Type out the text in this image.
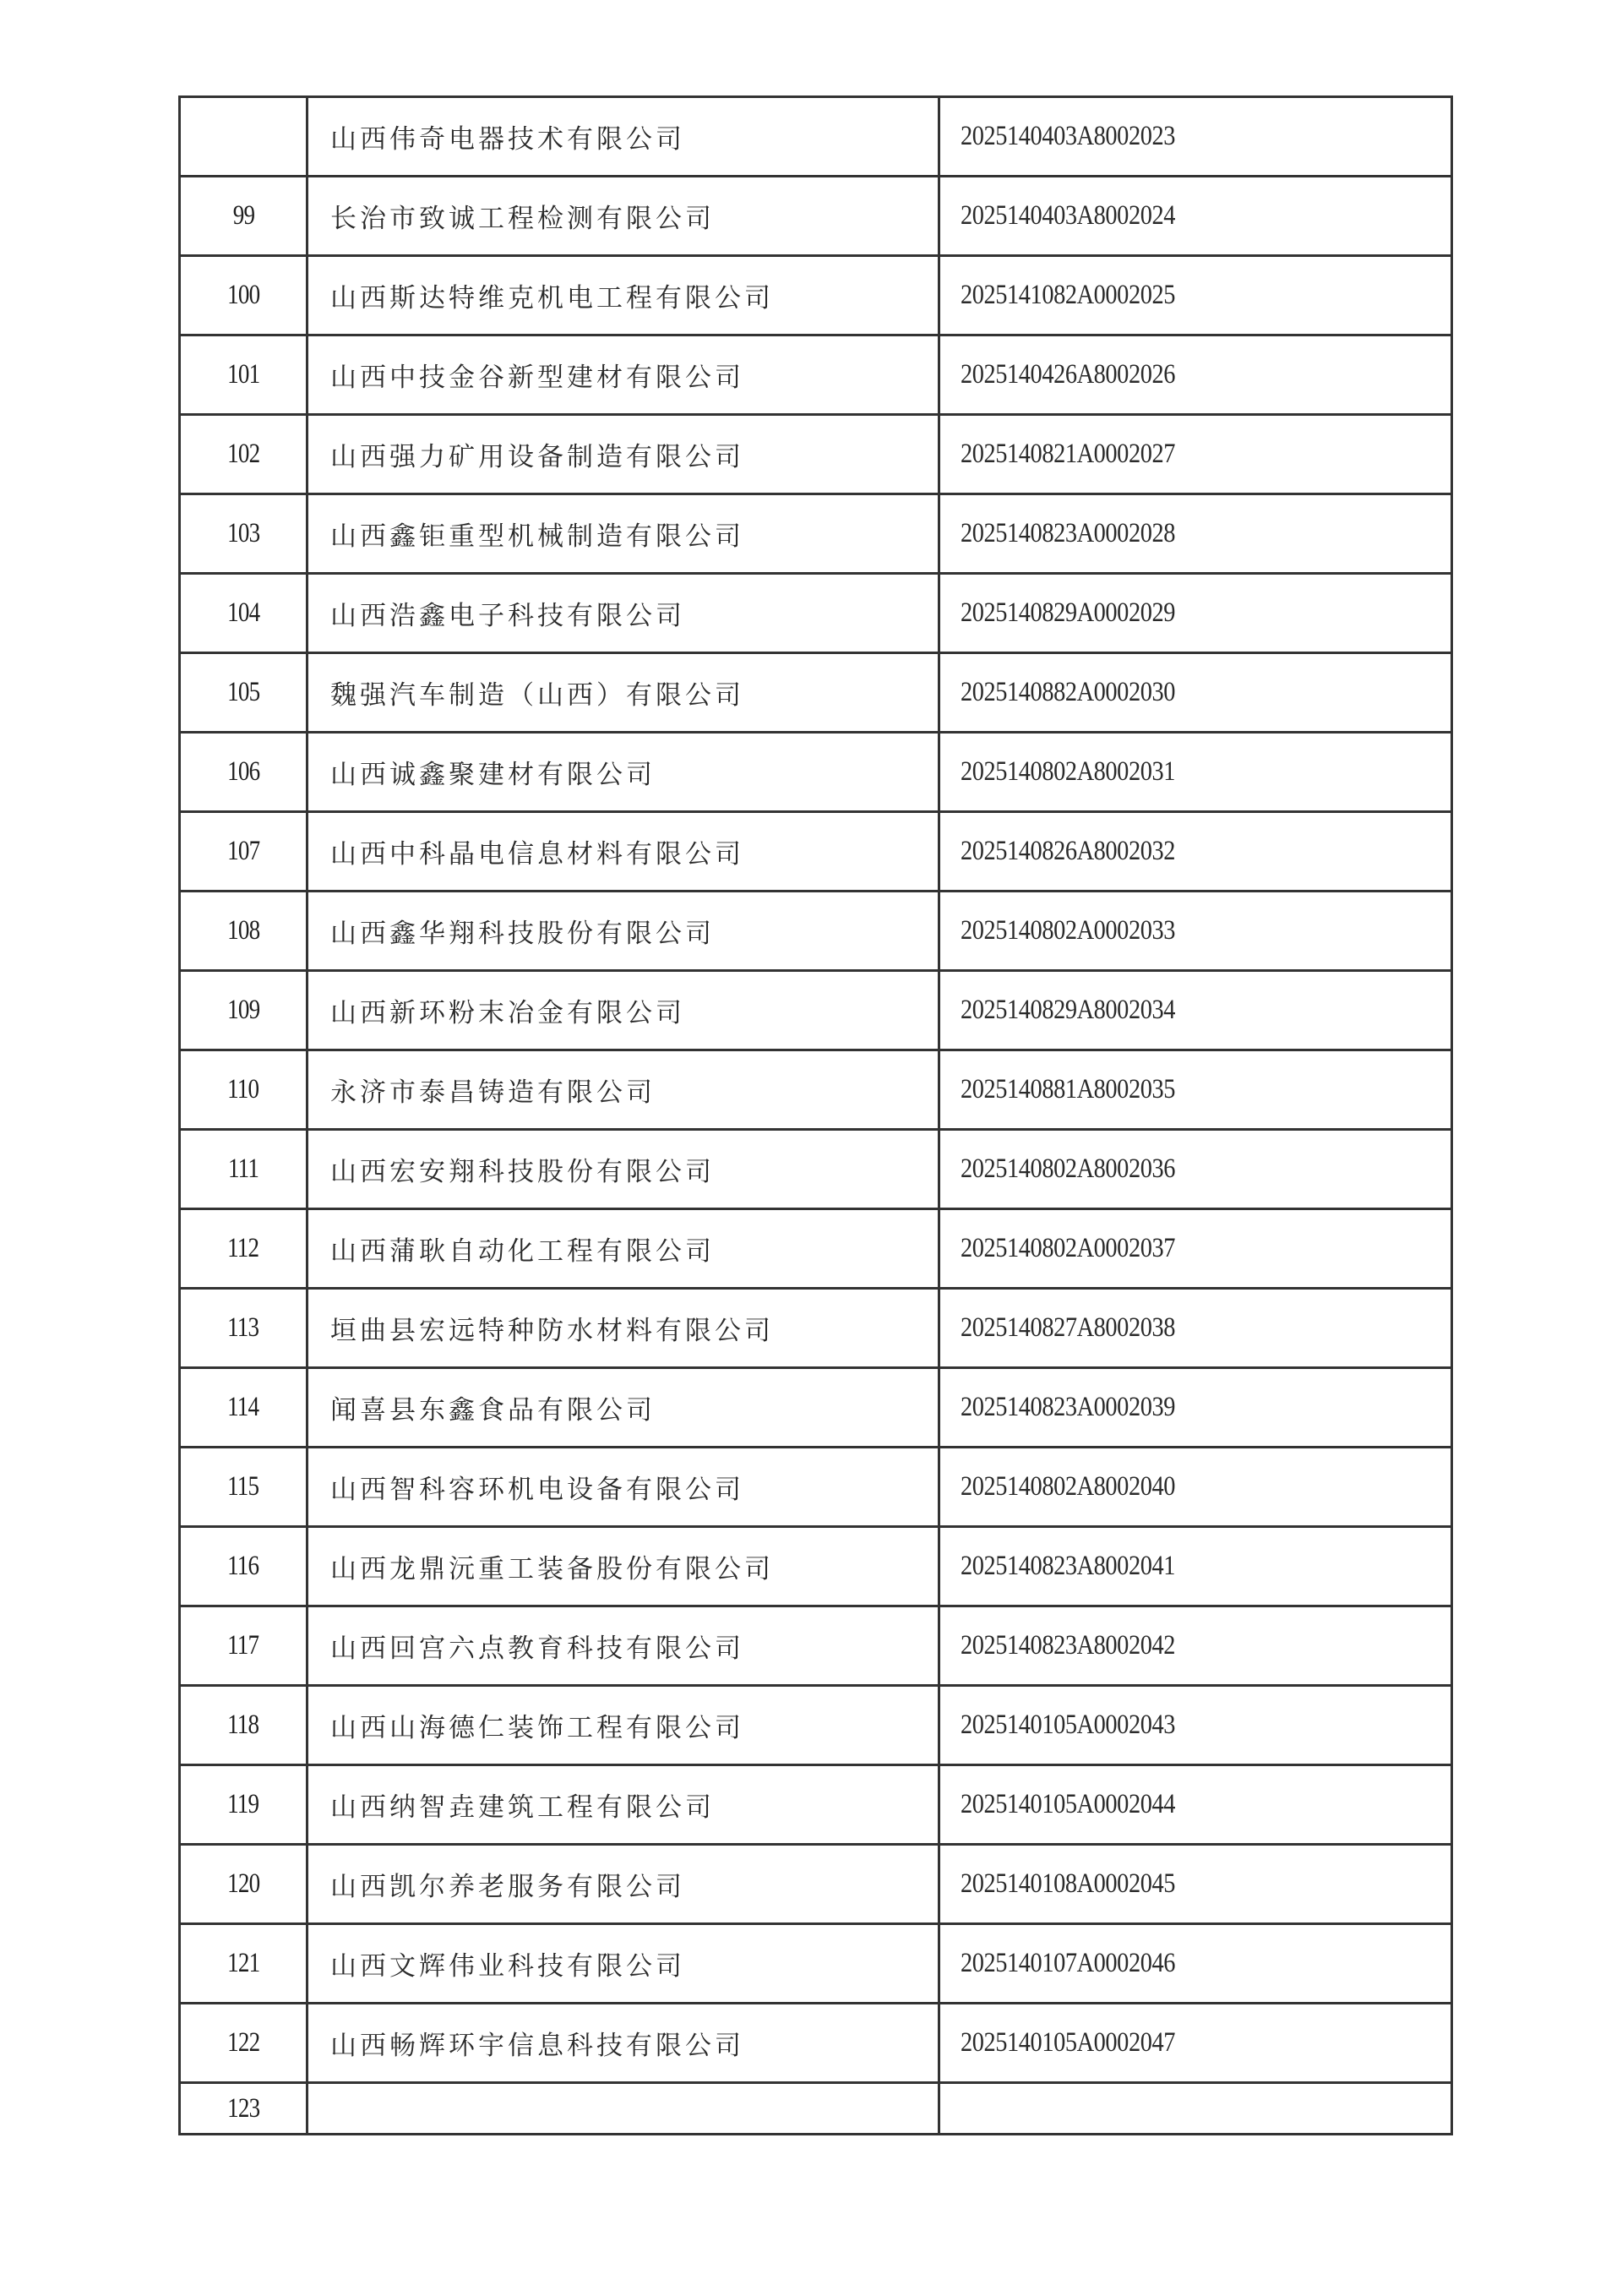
	山西伟奇电器技术有限公司	2025140403A8002023
99	长治市致诚工程检测有限公司	2025140403A8002024
100	山西斯达特维克机电工程有限公司	2025141082A0002025
101	山西中技金谷新型建材有限公司	2025140426A8002026
102	山西强力矿用设备制造有限公司	2025140821A0002027
103	山西鑫钜重型机械制造有限公司	2025140823A0002028
104	山西浩鑫电子科技有限公司	2025140829A0002029
105	魏强汽车制造（山西）有限公司	2025140882A0002030
106	山西诚鑫聚建材有限公司	2025140802A8002031
107	山西中科晶电信息材料有限公司	2025140826A8002032
108	山西鑫华翔科技股份有限公司	2025140802A0002033
109	山西新环粉末冶金有限公司	2025140829A8002034
110	永济市泰昌铸造有限公司	2025140881A8002035
111	山西宏安翔科技股份有限公司	2025140802A8002036
112	山西蒲耿自动化工程有限公司	2025140802A0002037
113	垣曲县宏远特种防水材料有限公司	2025140827A8002038
114	闻喜县东鑫食品有限公司	2025140823A0002039
115	山西智科容环机电设备有限公司	2025140802A8002040
116	山西龙鼎沅重工装备股份有限公司	2025140823A8002041
117	山西回宫六点教育科技有限公司	2025140823A8002042
118	山西山海德仁装饰工程有限公司	2025140105A0002043
119	山西纳智垚建筑工程有限公司	2025140105A0002044
120	山西凯尔养老服务有限公司	2025140108A0002045
121	山西文辉伟业科技有限公司	2025140107A0002046
122	山西畅辉环宇信息科技有限公司	2025140105A0002047
123		
